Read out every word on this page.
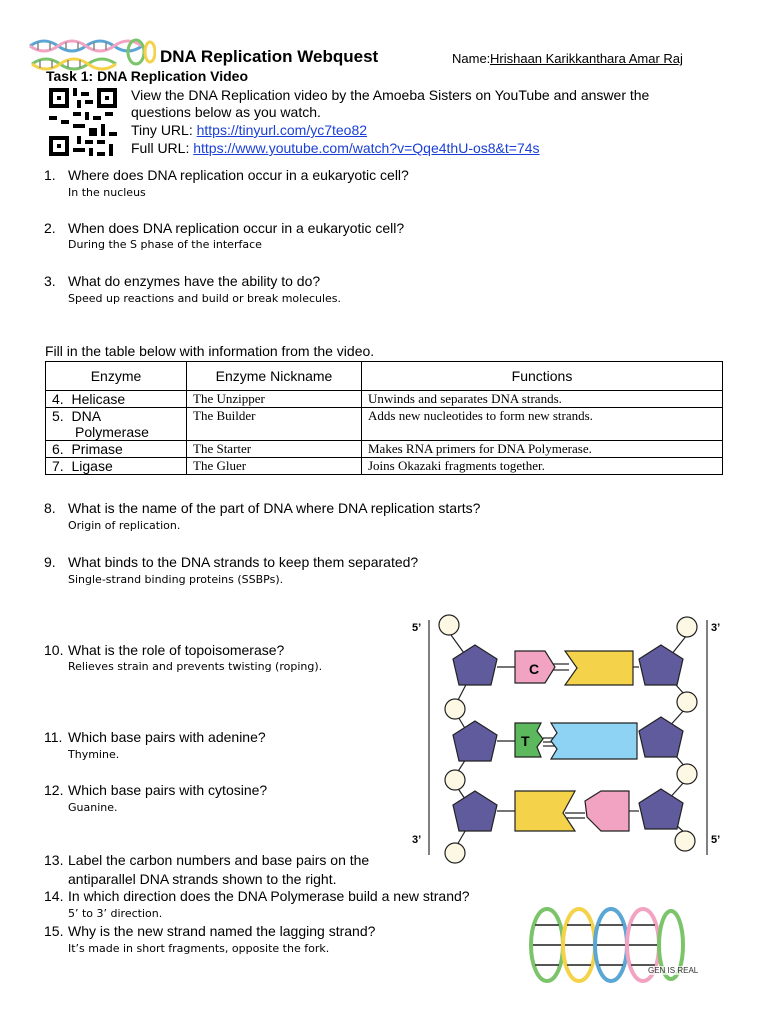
DNA Replication Webquest	Name: Hrishaan Karikkanthara Amar Raj
Task 1: DNA Replication Video
View the DNA Replication video by the Amoeba Sisters on YouTube and answer the
questions below as you watch.
Tiny URL: https://tinyurl.com/yc7teo82
Full URL: https://www.youtube.com/watch?v=Qqe4thU-os8&t=74s
1. Where does DNA replication occur in a eukaryotic cell?
In the nucleus
2. When does DNA replication occur in a eukaryotic cell?
During the S phase of the interface
3. What do enzymes have the ability to do?
Speed up reactions and build or break molecules.
Fill in the table below with information from the video.
Enzyme	Enzyme Nickname	Functions
4. Helicase	The Unzipper	Unwinds and separates DNA strands.
5. DNA
Polymerase	The Builder	Adds new nucleotides to form new strands.
6. Primase	The Starter	Makes RNA primers for DNA Polymerase.
7. Ligase	The Gluer	Joins Okazaki fragments together.
8. What is the name of the part of DNA where DNA replication starts?
Origin of replication.
9. What binds to the DNA strands to keep them separated?
Single-strand binding proteins (SSBPs).
10. What is the role of topoisomerase?
Relieves strain and prevents twisting (roping).
11. Which base pairs with adenine?
Thymine.
12. Which base pairs with cytosine?
Guanine.
13. Label the carbon numbers and base pairs on the
antiparallel DNA strands shown to the right.
14. In which direction does the DNA Polymerase build a new strand?
5’ to 3’ direction.
15. Why is the new strand named the lagging strand?
It’s made in short fragments, opposite the fork.
5’	3’
3’	5’
C
T
GEN IS REAL
